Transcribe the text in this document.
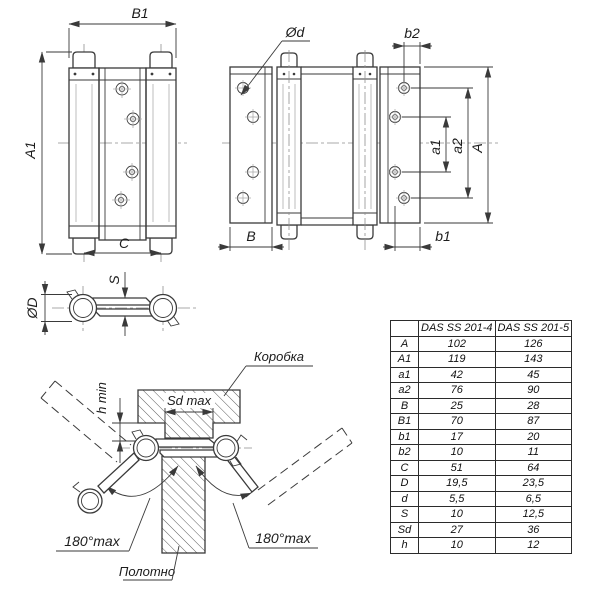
B1
A1
C
Ød	b2
a1 a2 A
B	b1
S
ØD
Sd max
h min
Коробка
Полотно
180°max	180°max
	DAS SS 201-4	DAS SS 201-5
A	102	126
A1	119	143
a1	42	45
a2	76	90
B	25	28
B1	70	87
b1	17	20
b2	10	11
C	51	64
D	19,5	23,5
d	5,5	6,5
S	10	12,5
Sd	27	36
h	10	12
